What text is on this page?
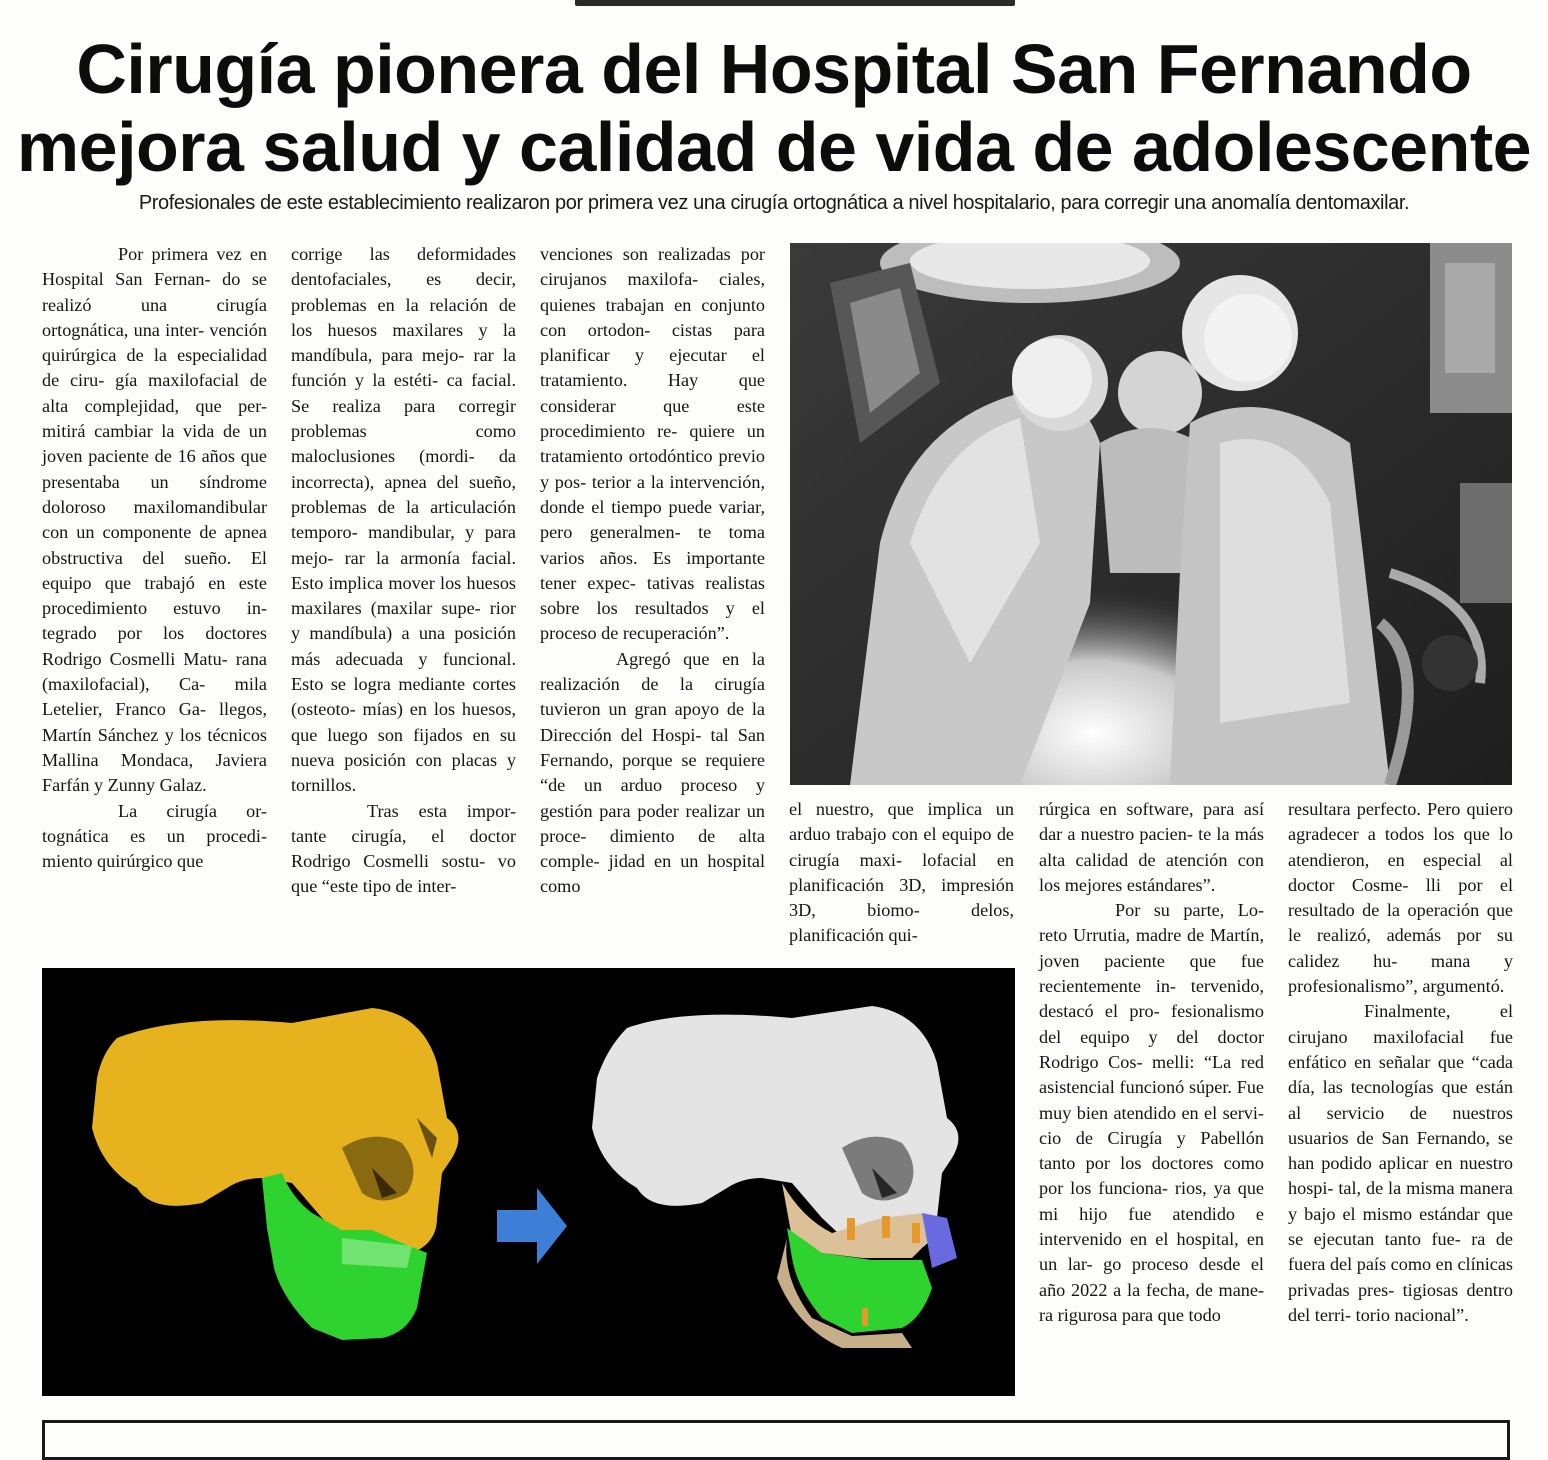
Cirugía pionera del Hospital San Fernando
mejora salud y calidad de vida de adolescente

Profesionales de este establecimiento realizaron por primera vez una cirugía ortognática a nivel hospitalario, para corregir una anomalía dentomaxilar.

Por primera vez en Hospital San Fernan- do se realizó una cirugía ortognática, una inter- vención quirúrgica de la especialidad de ciru- gía maxilofacial de alta complejidad, que per- mitirá cambiar la vida de un joven paciente de 16 años que presentaba un síndrome doloroso maxilomandibular con un componente de apnea obstructiva del sueño. El equipo que trabajó en este procedimiento estuvo in- tegrado por los doctores Rodrigo Cosmelli Matu- rana (maxilofacial), Ca- mila Letelier, Franco Ga- llegos, Martín Sánchez y los técnicos Mallina Mondaca, Javiera Farfán y Zunny Galaz.

La cirugía or- tognática es un procedi- miento quirúrgico que

corrige las deformidades dentofaciales, es decir, problemas en la relación de los huesos maxilares y la mandíbula, para mejo- rar la función y la estéti- ca facial. Se realiza para corregir problemas como maloclusiones (mordi- da incorrecta), apnea del sueño, problemas de la articulación temporo- mandibular, y para mejo- rar la armonía facial. Esto implica mover los huesos maxilares (maxilar supe- rior y mandíbula) a una posición más adecuada y funcional. Esto se logra mediante cortes (osteoto- mías) en los huesos, que luego son fijados en su nueva posición con placas y tornillos.

Tras esta impor- tante cirugía, el doctor Rodrigo Cosmelli sostu- vo que “este tipo de inter-

venciones son realizadas por cirujanos maxilofa- ciales, quienes trabajan en conjunto con ortodon- cistas para planificar y ejecutar el tratamiento. Hay que considerar que este procedimiento re- quiere un tratamiento ortodóntico previo y pos- terior a la intervención, donde el tiempo puede variar, pero generalmen- te toma varios años. Es importante tener expec- tativas realistas sobre los resultados y el proceso de recuperación”.

Agregó que en la realización de la cirugía tuvieron un gran apoyo de la Dirección del Hospi- tal San Fernando, porque se requiere “de un arduo proceso y gestión para poder realizar un proce- dimiento de alta comple- jidad en un hospital como

el nuestro, que implica un arduo trabajo con el equipo de cirugía maxi- lofacial en planificación 3D, impresión 3D, biomo- delos, planificación qui-

rúrgica en software, para así dar a nuestro pacien- te la más alta calidad de atención con los mejores estándares”.

Por su parte, Lo- reto Urrutia, madre de Martín, joven paciente que fue recientemente in- tervenido, destacó el pro- fesionalismo del equipo y del doctor Rodrigo Cos- melli: “La red asistencial funcionó súper. Fue muy bien atendido en el servi- cio de Cirugía y Pabellón tanto por los doctores como por los funciona- rios, ya que mi hijo fue atendido e intervenido en el hospital, en un lar- go proceso desde el año 2022 a la fecha, de mane- ra rigurosa para que todo

resultara perfecto. Pero quiero agradecer a todos los que lo atendieron, en especial al doctor Cosme- lli por el resultado de la operación que le realizó, además por su calidez hu- mana y profesionalismo”, argumentó.

Finalmente, el cirujano maxilofacial fue enfático en señalar que “cada día, las tecnologías que están al servicio de nuestros usuarios de San Fernando, se han podido aplicar en nuestro hospi- tal, de la misma manera y bajo el mismo estándar que se ejecutan tanto fue- ra de fuera del país como en clínicas privadas pres- tigiosas dentro del terri- torio nacional”.
